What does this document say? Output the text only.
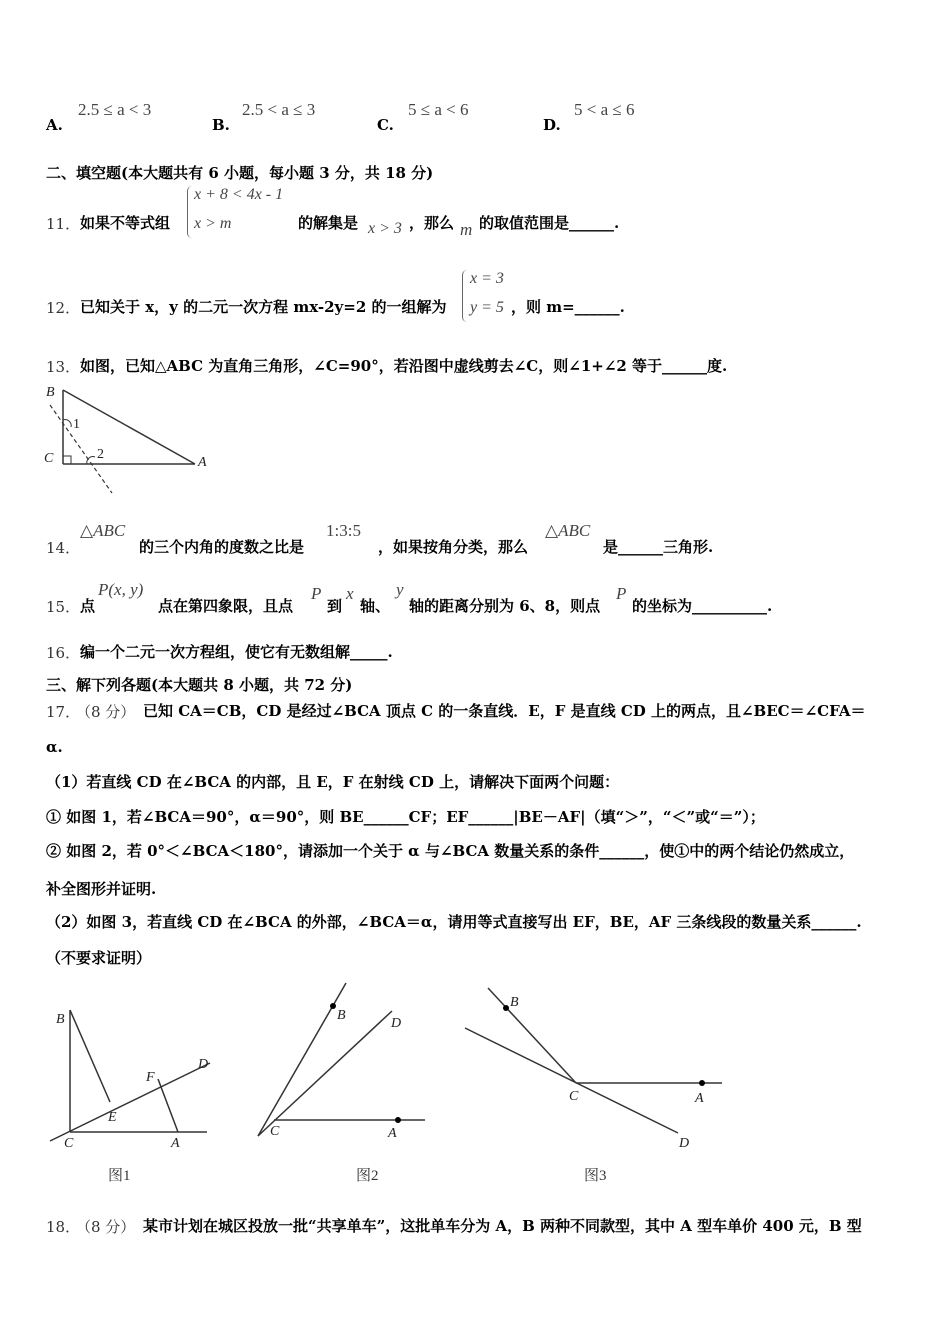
A.
2.5 ≤ a < 3
B.
2.5 < a ≤ 3
C.
5 ≤ a < 6
D.
5 < a ≤ 6
二、填空题(本大题共有 6 小题，每小题 3 分，共 18 分)
11． 如果不等式组
x + 8 < 4x - 1
x > m	的解集是 x > 3 ，那么 m 的取值范围是______.
12． 已知关于 x，y 的二元一次方程 mx-2y=2 的一组解为
x = 3
y = 5 ，则 m=______.
13． 如图，已知△ABC 为直角三角形，∠C=90°，若沿图中虚线剪去∠C，则∠1+∠2 等于______度.
B
C	A
1
2
14．
△ABC
的三个内角的度数之比是
1:3:5
，如果按角分类，那么
△ABC
是______三角形.
15． 点
P(x, y)
点在第四象限，且点
P
到
x
轴、
y
轴的距离分别为 6、8，则点
P
的坐标为__________.
16． 编一个二元一次方程组，使它有无数组解_____.
三、解下列各题(本大题共 8 小题，共 72 分)
17．
（8 分） 已知 CA＝CB，CD 是经过∠BCA 顶点 C 的一条直线．E，F 是直线 CD 上的两点，且∠BEC＝∠CFA＝
α.
（1）若直线 CD 在∠BCA 的内部，且 E，F 在射线 CD 上，请解决下面两个问题：
① 如图 1，若∠BCA＝90°，α＝90°，则 BE______CF；EF______|BE－AF|（填“＞”，“＜”或“＝”）；
② 如图 2，若 0°＜∠BCA＜180°，请添加一个关于 α 与∠BCA 数量关系的条件______，使①中的两个结论仍然成立，
补全图形并证明.
（2）如图 3，若直线 CD 在∠BCA 的外部，∠BCA＝α，请用等式直接写出 EF，BE，AF 三条线段的数量关系______.
（不要求证明）
B
C	A
D
E
F
图1
B
C	A
D
图2
B
C	A
D
图3
18．
（8 分） 某市计划在城区投放一批“共享单车”，这批单车分为 A，B 两种不同款型，其中 A 型车单价 400 元，B 型
